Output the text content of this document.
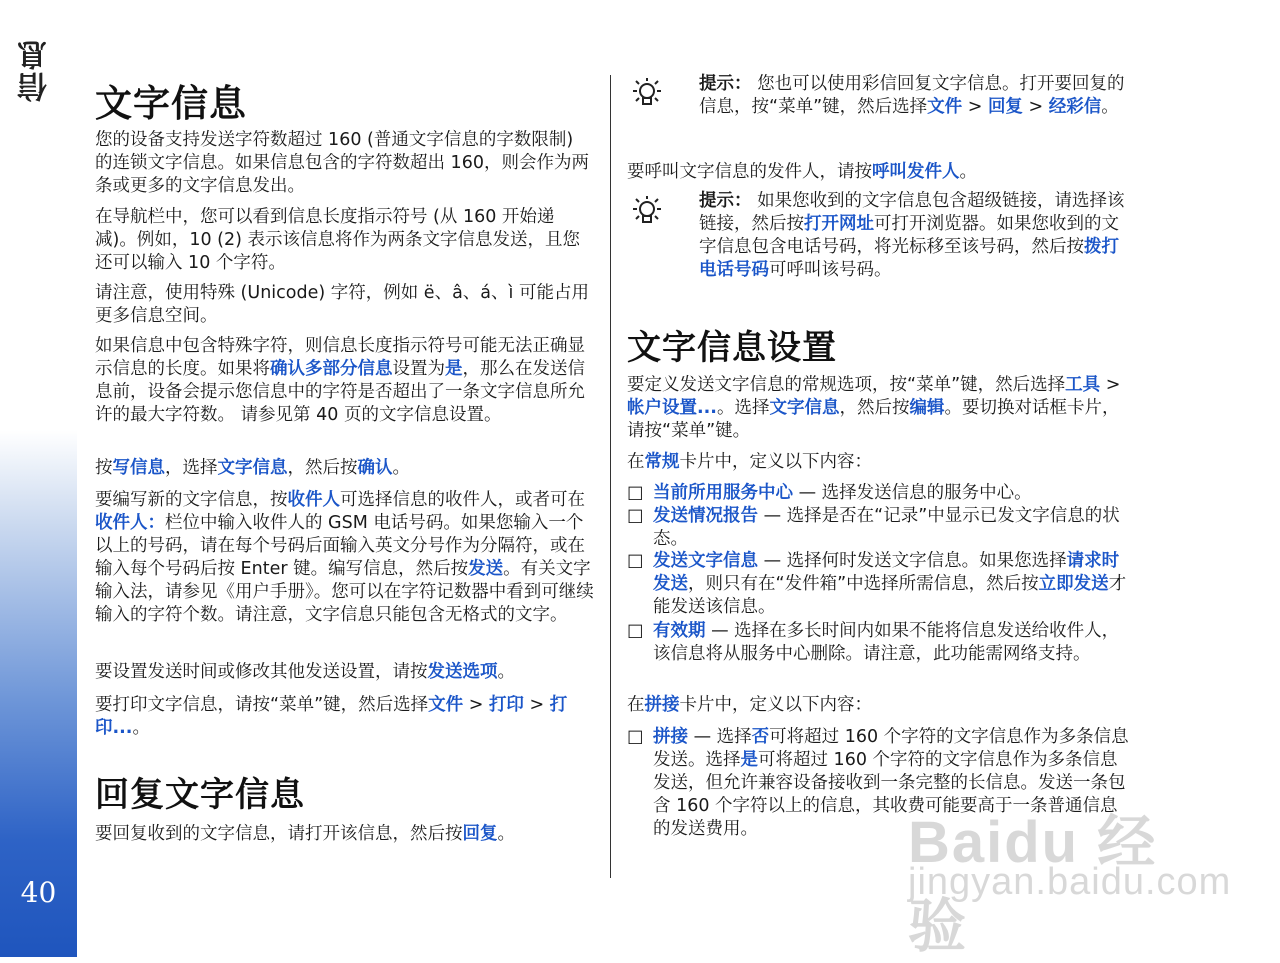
信息
40
文字信息

您的设备支持发送字符数超过 160 (普通文字信息的字数限制) 的连锁文字信息。如果信息包含的字符数超出 160，则会作为两条或更多的文字信息发出。

在导航栏中，您可以看到信息长度指示符号 (从 160 开始递减)。例如，10 (2) 表示该信息将作为两条文字信息发送，且您还可以输入 10 个字符。

请注意，使用特殊 (Unicode) 字符，例如 ë、â、á、ì 可能占用更多信息空间。

如果信息中包含特殊字符，则信息长度指示符号可能无法正确显示信息的长度。如果将确认多部分信息设置为是，那么在发送信息前，设备会提示您信息中的字符是否超出了一条文字信息所允许的最大字符数。 请参见第 40 页的文字信息设置。

按写信息，选择文字信息，然后按确认。

要编写新的文字信息，按收件人可选择信息的收件人，或者可在收件人：栏位中输入收件人的 GSM 电话号码。如果您输入一个以上的号码，请在每个号码后面输入英文分号作为分隔符，或在输入每个号码后按 Enter 键。编写信息，然后按发送。有关文字输入法，请参见《用户手册》。您可以在字符记数器中看到可继续输入的字符个数。请注意，文字信息只能包含无格式的文字。

要设置发送时间或修改其他发送设置，请按发送选项。

要打印文字信息，请按“菜单”键，然后选择文件 > 打印 > 打印...。

回复文字信息

要回复收到的文字信息，请打开该信息，然后按回复。

提示： 您也可以使用彩信回复文字信息。打开要回复的信息，按“菜单”键，然后选择文件 > 回复 > 经彩信。

要呼叫文字信息的发件人，请按呼叫发件人。

提示： 如果您收到的文字信息包含超级链接，请选择该链接，然后按打开网址可打开浏览器。如果您收到的文字信息包含电话号码，将光标移至该号码，然后按拨打电话号码可呼叫该号码。
文字信息设置

要定义发送文字信息的常规选项，按“菜单”键，然后选择工具 > 帐户设置...。选择文字信息，然后按编辑。要切换对话框卡片，请按“菜单”键。

在常规卡片中，定义以下内容：

□ 当前所用服务中心 — 选择发送信息的服务中心。
□ 发送情况报告 — 选择是否在“记录”中显示已发文字信息的状态。
□ 发送文字信息 — 选择何时发送文字信息。如果您选择请求时发送，则只有在“发件箱”中选择所需信息，然后按立即发送才能发送该信息。
□ 有效期 — 选择在多长时间内如果不能将信息发送给收件人，该信息将从服务中心删除。请注意，此功能需网络支持。

在拼接卡片中，定义以下内容：

□ 拼接 — 选择否可将超过 160 个字符的文字信息作为多条信息发送。选择是可将超过 160 个字符的文字信息作为多条信息发送，但允许兼容设备接收到一条完整的长信息。发送一条包含 160 个字符以上的信息，其收费可能要高于一条普通信息的发送费用。	Baidu 经验
jingyan.baidu.com
